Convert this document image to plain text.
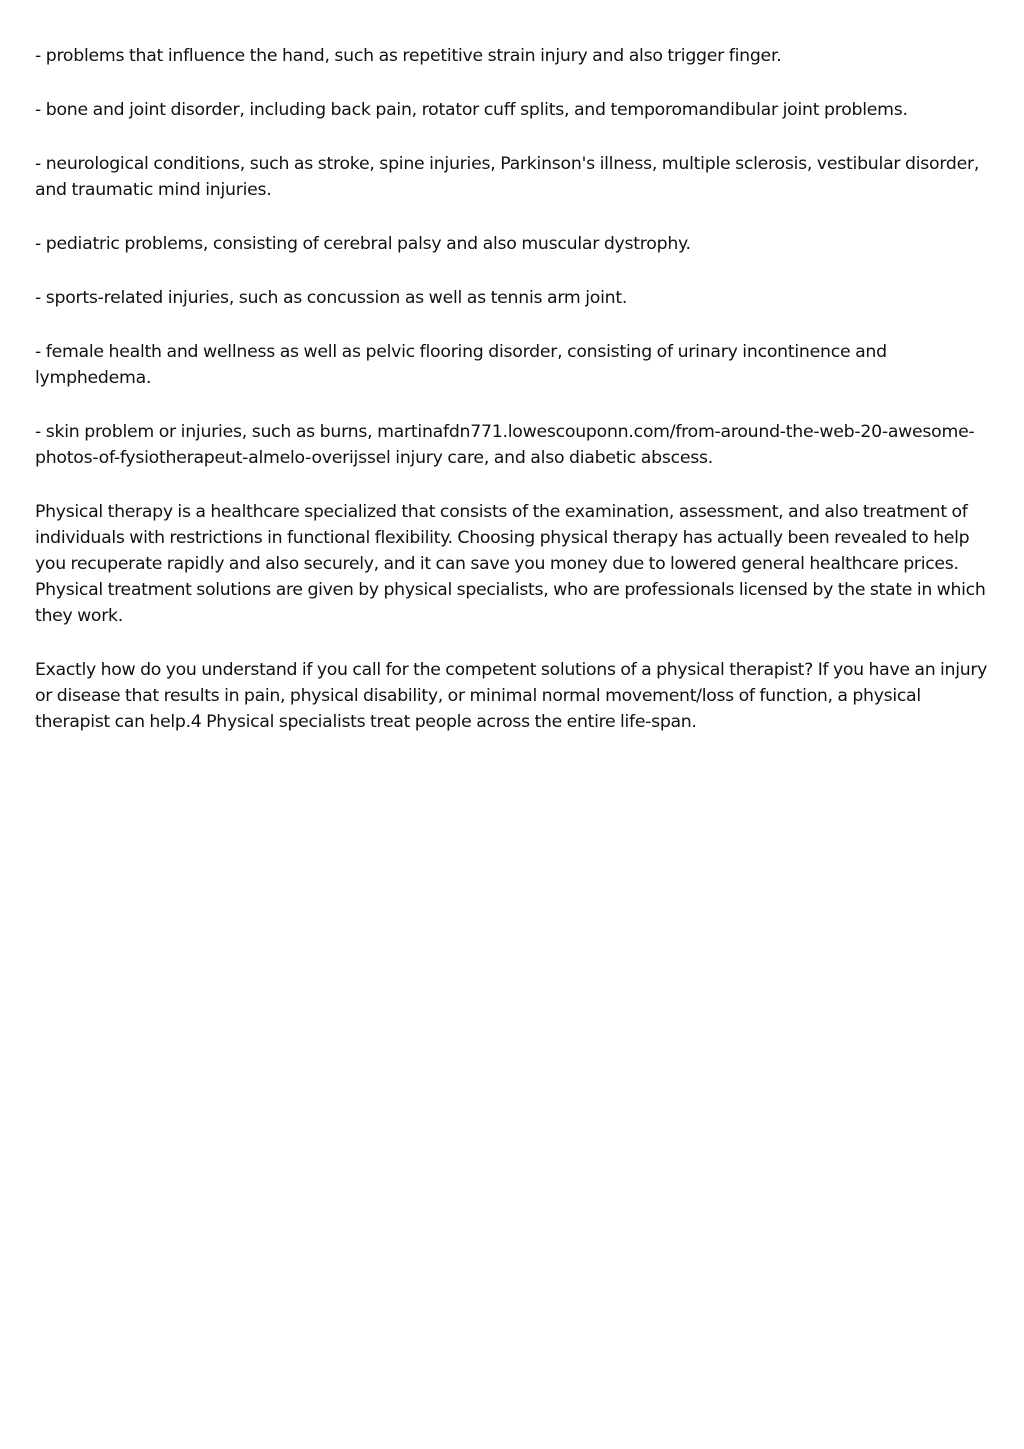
- problems that influence the hand, such as repetitive strain injury and also trigger finger.

- bone and joint disorder, including back pain, rotator cuff splits, and temporomandibular joint problems.

- neurological conditions, such as stroke, spine injuries, Parkinson's illness, multiple sclerosis, vestibular disorder, and traumatic mind injuries.

- pediatric problems, consisting of cerebral palsy and also muscular dystrophy.

- sports-related injuries, such as concussion as well as tennis arm joint.

- female health and wellness as well as pelvic flooring disorder, consisting of urinary incontinence and lymphedema.

- skin problem or injuries, such as burns, martinafdn771.lowescouponn.com/from-around-the-web-20-awesome-photos-of-fysiotherapeut-almelo-overijssel injury care, and also diabetic abscess.

Physical therapy is a healthcare specialized that consists of the examination, assessment, and also treatment of individuals with restrictions in functional flexibility. Choosing physical therapy has actually been revealed to help you recuperate rapidly and also securely, and it can save you money due to lowered general healthcare prices. Physical treatment solutions are given by physical specialists, who are professionals licensed by the state in which they work.

Exactly how do you understand if you call for the competent solutions of a physical therapist? If you have an injury or disease that results in pain, physical disability, or minimal normal movement/loss of function, a physical therapist can help.4 Physical specialists treat people across the entire life-span.
